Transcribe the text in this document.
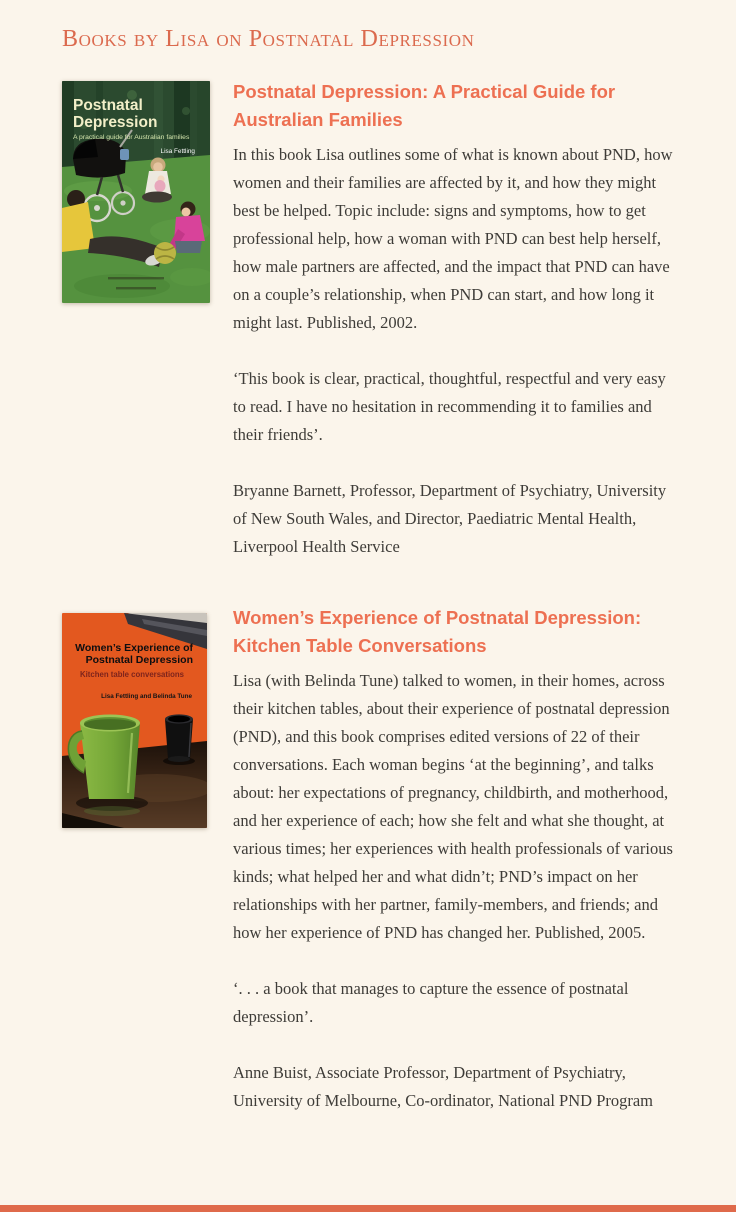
Books by Lisa on Postnatal Depression
Postnatal
Depression
A practical guide for Australian families
Lisa Fettling
Postnatal Depression: A Practical Guide for Australian Families

In this book Lisa outlines some of what is known about PND, how women and their families are affected by it, and how they might best be helped. Topic include: signs and symptoms, how to get professional help, how a woman with PND can best help herself, how male partners are affected, and the impact that PND can have on a couple’s relationship, when PND can start, and how long it might last. Published, 2002.

‘This book is clear, practical, thoughtful, respectful and very easy to read. I have no hesitation in recommending it to families and their friends’.

Bryanne Barnett, Professor, Department of Psychiatry, University of New South Wales, and Director, Paediatric Mental Health, Liverpool Health Service

Women’s Experience of
Postnatal Depression
Kitchen table conversations
Lisa Fettling and Belinda Tune
Women’s Experience of Postnatal Depression: Kitchen Table Conversations

Lisa (with Belinda Tune) talked to women, in their homes, across their kitchen tables, about their experience of postnatal depression (PND), and this book comprises edited versions of 22 of their conversations. Each woman begins ‘at the beginning’, and talks about: her expectations of pregnancy, childbirth, and motherhood, and her experience of each; how she felt and what she thought, at various times; her experiences with health professionals of various kinds; what helped her and what didn’t; PND’s impact on her relationships with her partner, family-members, and friends; and how her experience of PND has changed her. Published, 2005.

‘. . . a book that manages to capture the essence of postnatal depression’.

Anne Buist, Associate Professor, Department of Psychiatry, University of Melbourne, Co-ordinator, National PND Program
